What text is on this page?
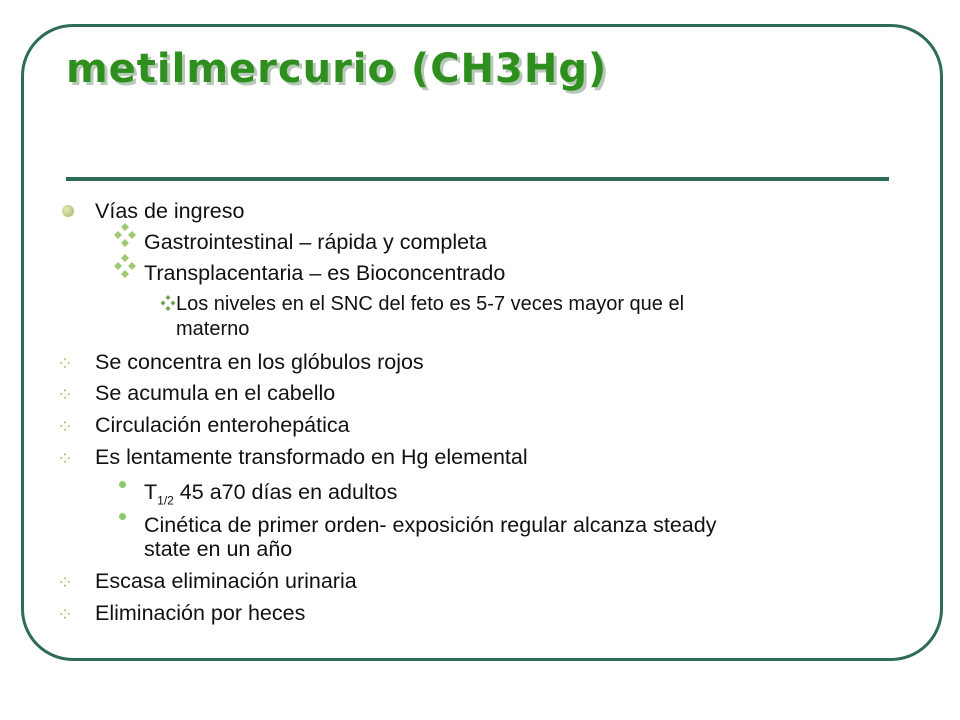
metilmercurio (CH3Hg)
Vías de ingreso
Gastrointestinal – rápida y completa
Transplacentaria – es Bioconcentrado
Los niveles en el SNC del feto es 5-7 veces mayor que el
materno
Se concentra en los glóbulos rojos
Se acumula en el cabello
Circulación enterohepática
Es lentamente transformado en Hg elemental
$T_{1/2}$ 45 a70 días en adultos
Cinética de primer orden- exposición regular alcanza steady
state en un año
Escasa eliminación urinaria
Eliminación por heces
